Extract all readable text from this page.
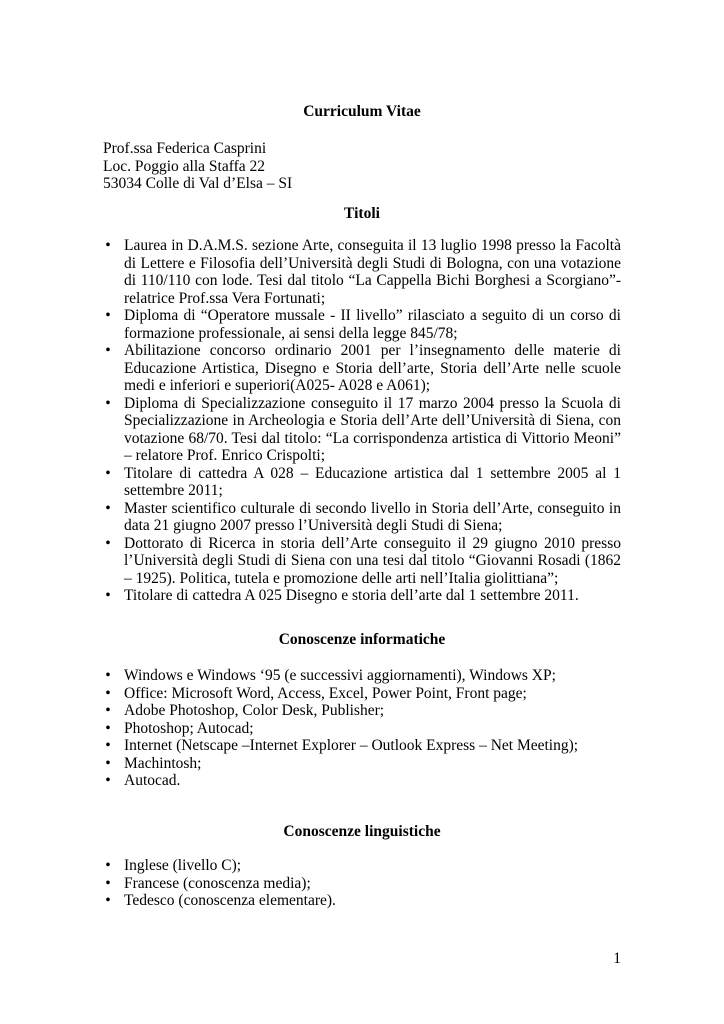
Curriculum Vitae
Prof.ssa Federica Casprini
Loc. Poggio alla Staffa 22
53034 Colle di Val d’Elsa – SI
Titoli
• Laurea in D.A.M.S. sezione Arte, conseguita il 13 luglio 1998 presso la Facoltà di Lettere e Filosofia dell’Università degli Studi di Bologna, con una votazione di 110/110 con lode. Tesi dal titolo “La Cappella Bichi Borghesi a Scorgiano”-relatrice Prof.ssa Vera Fortunati;
• Diploma di “Operatore mussale - II livello” rilasciato a seguito di un corso di formazione professionale, ai sensi della legge 845/78;
• Abilitazione concorso ordinario 2001 per l’insegnamento delle materie di Educazione Artistica, Disegno e Storia dell’arte, Storia dell’Arte nelle scuole medi e inferiori e superiori(A025- A028 e A061);
• Diploma di Specializzazione conseguito il 17 marzo 2004 presso la Scuola di Specializzazione in Archeologia e Storia dell’Arte dell’Università di Siena, con votazione 68/70. Tesi dal titolo: “La corrispondenza artistica di Vittorio Meoni” – relatore Prof. Enrico Crispolti;
• Titolare di cattedra A 028 – Educazione artistica dal 1 settembre 2005 al 1 settembre 2011;
• Master scientifico culturale di secondo livello in Storia dell’Arte, conseguito in data 21 giugno 2007 presso l’Università degli Studi di Siena;
• Dottorato di Ricerca in storia dell’Arte conseguito il 29 giugno 2010 presso l’Università degli Studi di Siena con una tesi dal titolo “Giovanni Rosadi (1862 – 1925). Politica, tutela e promozione delle arti nell’Italia giolittiana”;
• Titolare di cattedra A 025 Disegno e storia dell’arte dal 1 settembre 2011.
Conoscenze informatiche
• Windows e Windows ‘95 (e successivi aggiornamenti), Windows XP;
• Office: Microsoft Word, Access, Excel, Power Point, Front page;
• Adobe Photoshop, Color Desk, Publisher;
• Photoshop; Autocad;
• Internet (Netscape –Internet Explorer – Outlook Express – Net Meeting);
• Machintosh;
• Autocad.
Conoscenze linguistiche
• Inglese (livello C);
• Francese (conoscenza media);
• Tedesco (conoscenza elementare).
1
